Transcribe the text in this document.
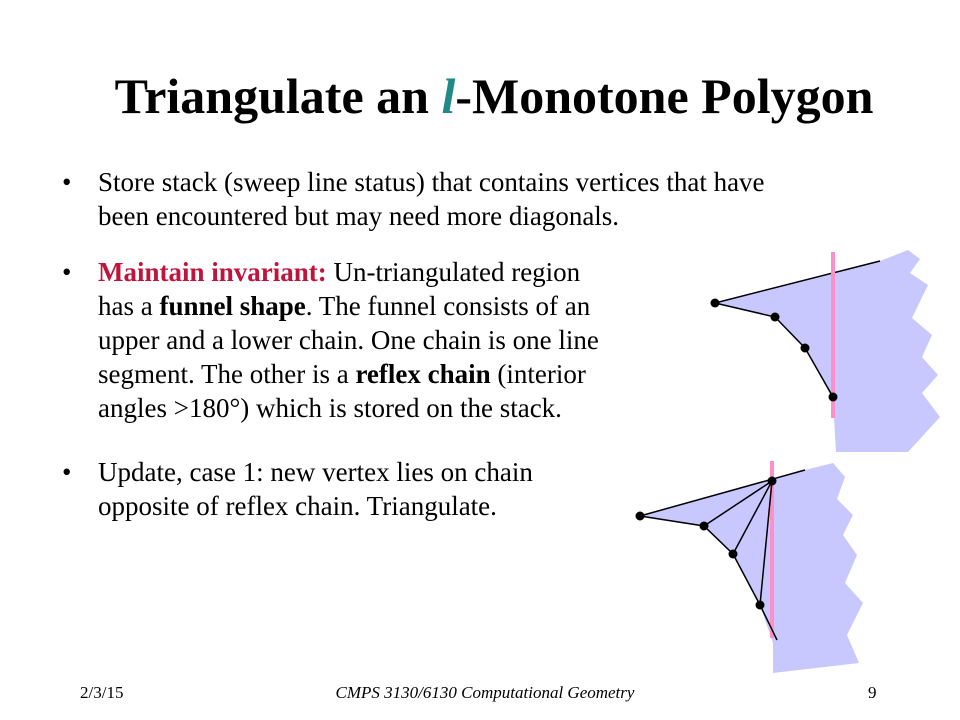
Triangulate an l-Monotone Polygon
• Store stack (sweep line status) that contains vertices that have
been encountered but may need more diagonals.
• Maintain invariant: Un-triangulated region
has a funnel shape. The funnel consists of an
upper and a lower chain. One chain is one line
segment. The other is a reflex chain (interior
angles >180°) which is stored on the stack.
• Update, case 1: new vertex lies on chain
opposite of reflex chain. Triangulate.
2/3/15	CMPS 3130/6130 Computational Geometry	9
